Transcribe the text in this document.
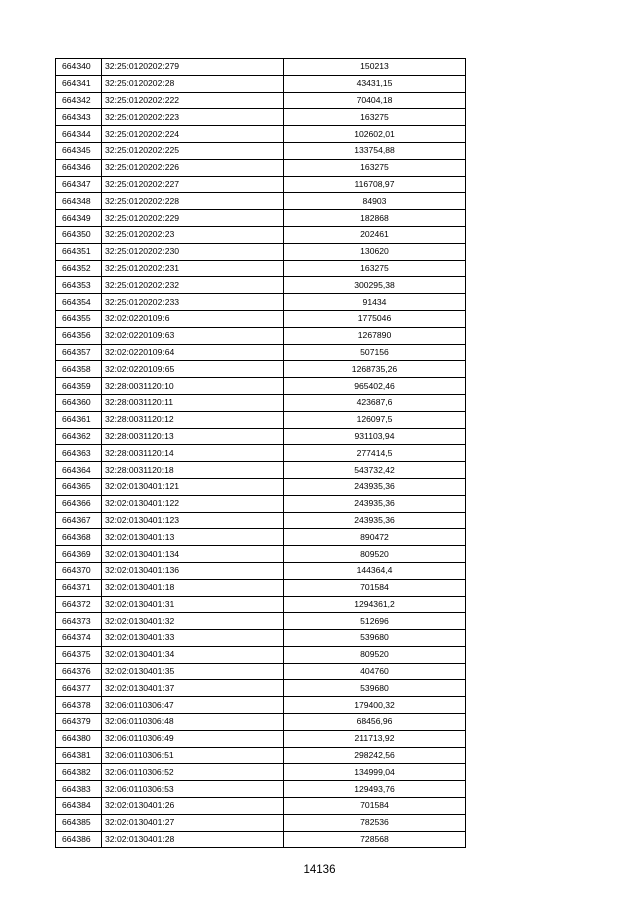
664340	32:25:0120202:279	150213
664341	32:25:0120202:28	43431,15
664342	32:25:0120202:222	70404,18
664343	32:25:0120202:223	163275
664344	32:25:0120202:224	102602,01
664345	32:25:0120202:225	133754,88
664346	32:25:0120202:226	163275
664347	32:25:0120202:227	116708,97
664348	32:25:0120202:228	84903
664349	32:25:0120202:229	182868
664350	32:25:0120202:23	202461
664351	32:25:0120202:230	130620
664352	32:25:0120202:231	163275
664353	32:25:0120202:232	300295,38
664354	32:25:0120202:233	91434
664355	32:02:0220109:6	1775046
664356	32:02:0220109:63	1267890
664357	32:02:0220109:64	507156
664358	32:02:0220109:65	1268735,26
664359	32:28:0031120:10	965402,46
664360	32:28:0031120:11	423687,6
664361	32:28:0031120:12	126097,5
664362	32:28:0031120:13	931103,94
664363	32:28:0031120:14	277414,5
664364	32:28:0031120:18	543732,42
664365	32:02:0130401:121	243935,36
664366	32:02:0130401:122	243935,36
664367	32:02:0130401:123	243935,36
664368	32:02:0130401:13	890472
664369	32:02:0130401:134	809520
664370	32:02:0130401:136	144364,4
664371	32:02:0130401:18	701584
664372	32:02:0130401:31	1294361,2
664373	32:02:0130401:32	512696
664374	32:02:0130401:33	539680
664375	32:02:0130401:34	809520
664376	32:02:0130401:35	404760
664377	32:02:0130401:37	539680
664378	32:06:0110306:47	179400,32
664379	32:06:0110306:48	68456,96
664380	32:06:0110306:49	211713,92
664381	32:06:0110306:51	298242,56
664382	32:06:0110306:52	134999,04
664383	32:06:0110306:53	129493,76
664384	32:02:0130401:26	701584
664385	32:02:0130401:27	782536
664386	32:02:0130401:28	728568
14136
